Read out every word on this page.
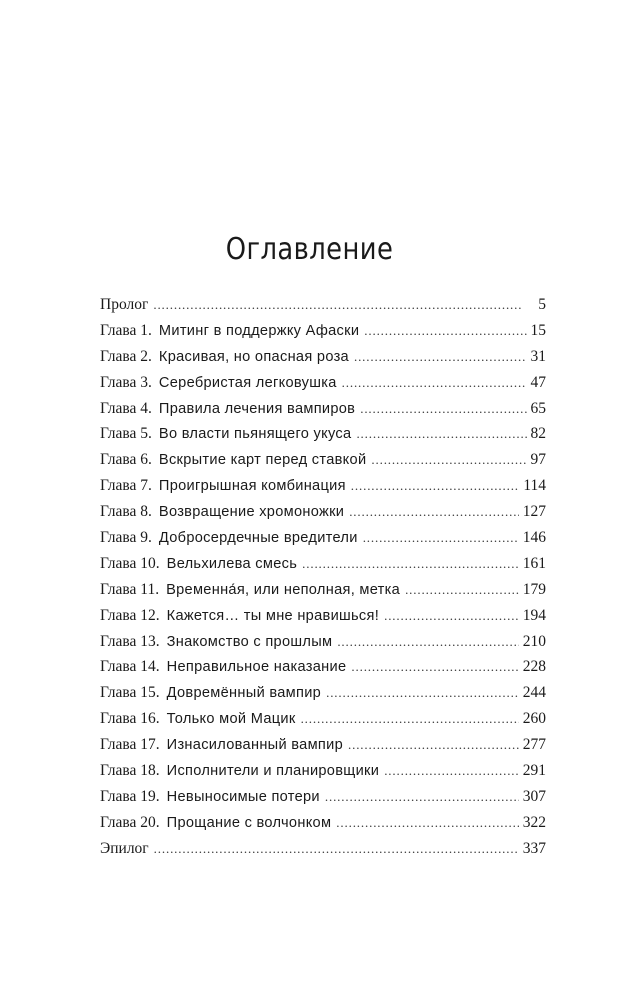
Оглавление
Пролог . . .	5
Глава 1. Митинг в поддержку Афаски . . .	15
Глава 2. Красивая, но опасная роза . . .	31
Глава 3. Серебристая легковушка . . .	47
Глава 4. Правила лечения вампиров . . .	65
Глава 5. Во власти пьянящего укуса . . .	82
Глава 6. Вскрытие карт перед ставкой . . .	97
Глава 7. Проигрышная комбинация . . .	114
Глава 8. Возвращение хромоножки . . .	127
Глава 9. Добросердечные вредители . . .	146
Глава 10. Вельхилева смесь . . .	161
Глава 11. Временна́я, или неполная, метка . . .	179
Глава 12. Кажется… ты мне нравишься! . . .	194
Глава 13. Знакомство с прошлым . . .	210
Глава 14. Неправильное наказание . . .	228
Глава 15. Довремённый вампир . . .	244
Глава 16. Только мой Мацик . . .	260
Глава 17. Изнасилованный вампир . . .	277
Глава 18. Исполнители и планировщики . . .	291
Глава 19. Невыносимые потери . . .	307
Глава 20. Прощание с волчонком . . .	322
Эпилог . . .	337
